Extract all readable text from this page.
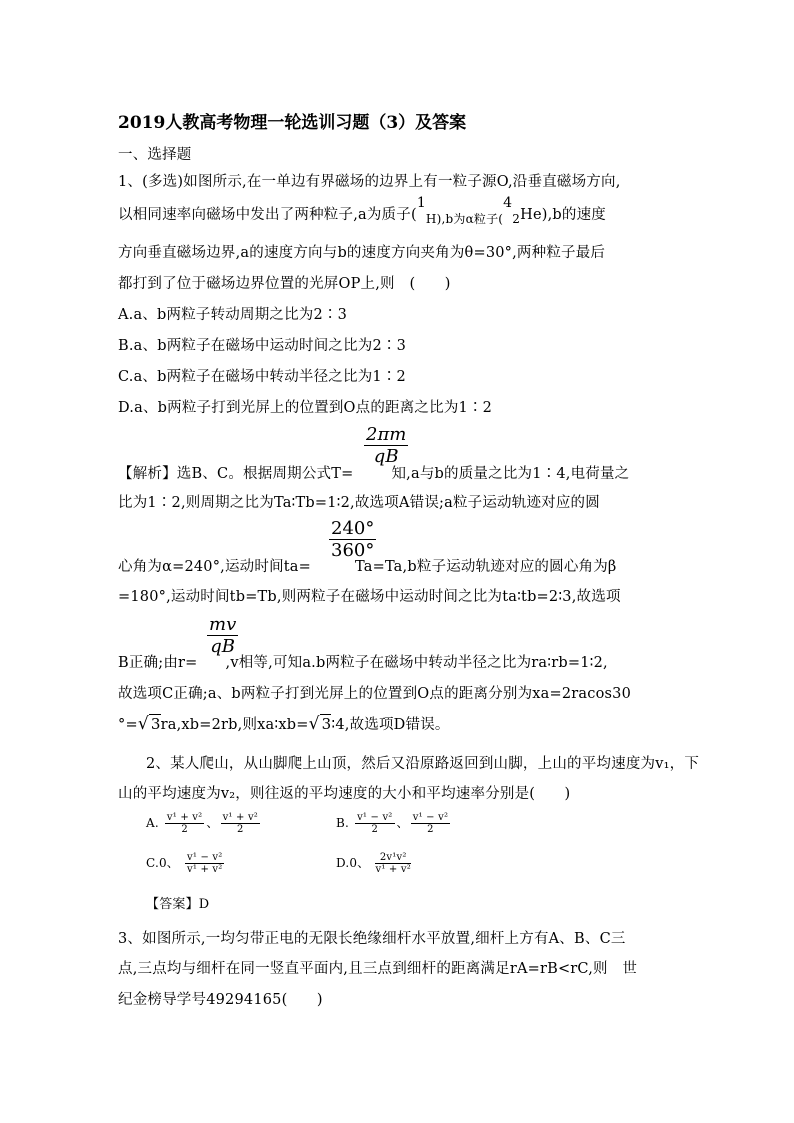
2019人教高考物理一轮选训习题（3）及答案
一、选择题
1、(多选)如图所示,在一单边有界磁场的边界上有一粒子源O,沿垂直磁场方向,
以相同速率向磁场中发出了两种粒子,a为质子$(1_{H),b为\alpha 粒子(}4_2He),b$的速度
方向垂直磁场边界,a的速度方向与b的速度方向夹角为θ=30°,两种粒子最后
都打到了位于磁场边界位置的光屏OP上,则　(　　)
A.a、b两粒子转动周期之比为2∶3
B.a、b两粒子在磁场中运动时间之比为2∶3
C.a、b两粒子在磁场中转动半径之比为1∶2
D.a、b两粒子打到光屏上的位置到O点的距离之比为1∶2
$\frac{2\pi m}{qB}$
【解析】选B、C。根据周期公式T=	知,a与b的质量之比为1∶4,电荷量之
比为1∶2,则周期之比为Ta∶Tb=1∶2,故选项A错误;a粒子运动轨迹对应的圆
$\frac{240^\circ}{360^\circ}$
心角为α=240°,运动时间ta=	Ta=Ta,b粒子运动轨迹对应的圆心角为β
=180°,运动时间tb=Tb,则两粒子在磁场中运动时间之比为ta∶tb=2∶3,故选项
$\frac{mv}{qB}$
B正确;由r= ,v相等,可知a.b两粒子在磁场中转动半径之比为ra∶rb=1∶2,
故选项C正确;a、b两粒子打到光屏上的位置到O点的距离分别为xa=2racos30
°=√ 3ra,xb=2rb,则xa∶xb=√ 3∶4,故选项D错误。
2、某人爬山，从山脚爬上山顶，然后又沿原路返回到山脚，上山的平均速度为v₁，下
山的平均速度为v₂，则往返的平均速度的大小和平均速率分别是(　　)
A. $\frac{\text{v¹ + v²}}{2}$ 、 $\frac{\text{v¹ + v²}}{2}$	B. $\frac{\text{v¹ − v²}}{2}$ 、 $\frac{\text{v¹ − v²}}{2}$
C.0、 $\frac{\text{v¹ − v²}}{\text{v¹ + v²}}$	D.0、 $\frac{\text{2v¹v²}}{\text{v¹ + v²}}$
【答案】D
3、如图所示,一均匀带正电的无限长绝缘细杆水平放置,细杆上方有A、B、C三
点,三点均与细杆在同一竖直平面内,且三点到细杆的距离满足rA=rB<rC,则　世
纪金榜导学号49294165(　　)
